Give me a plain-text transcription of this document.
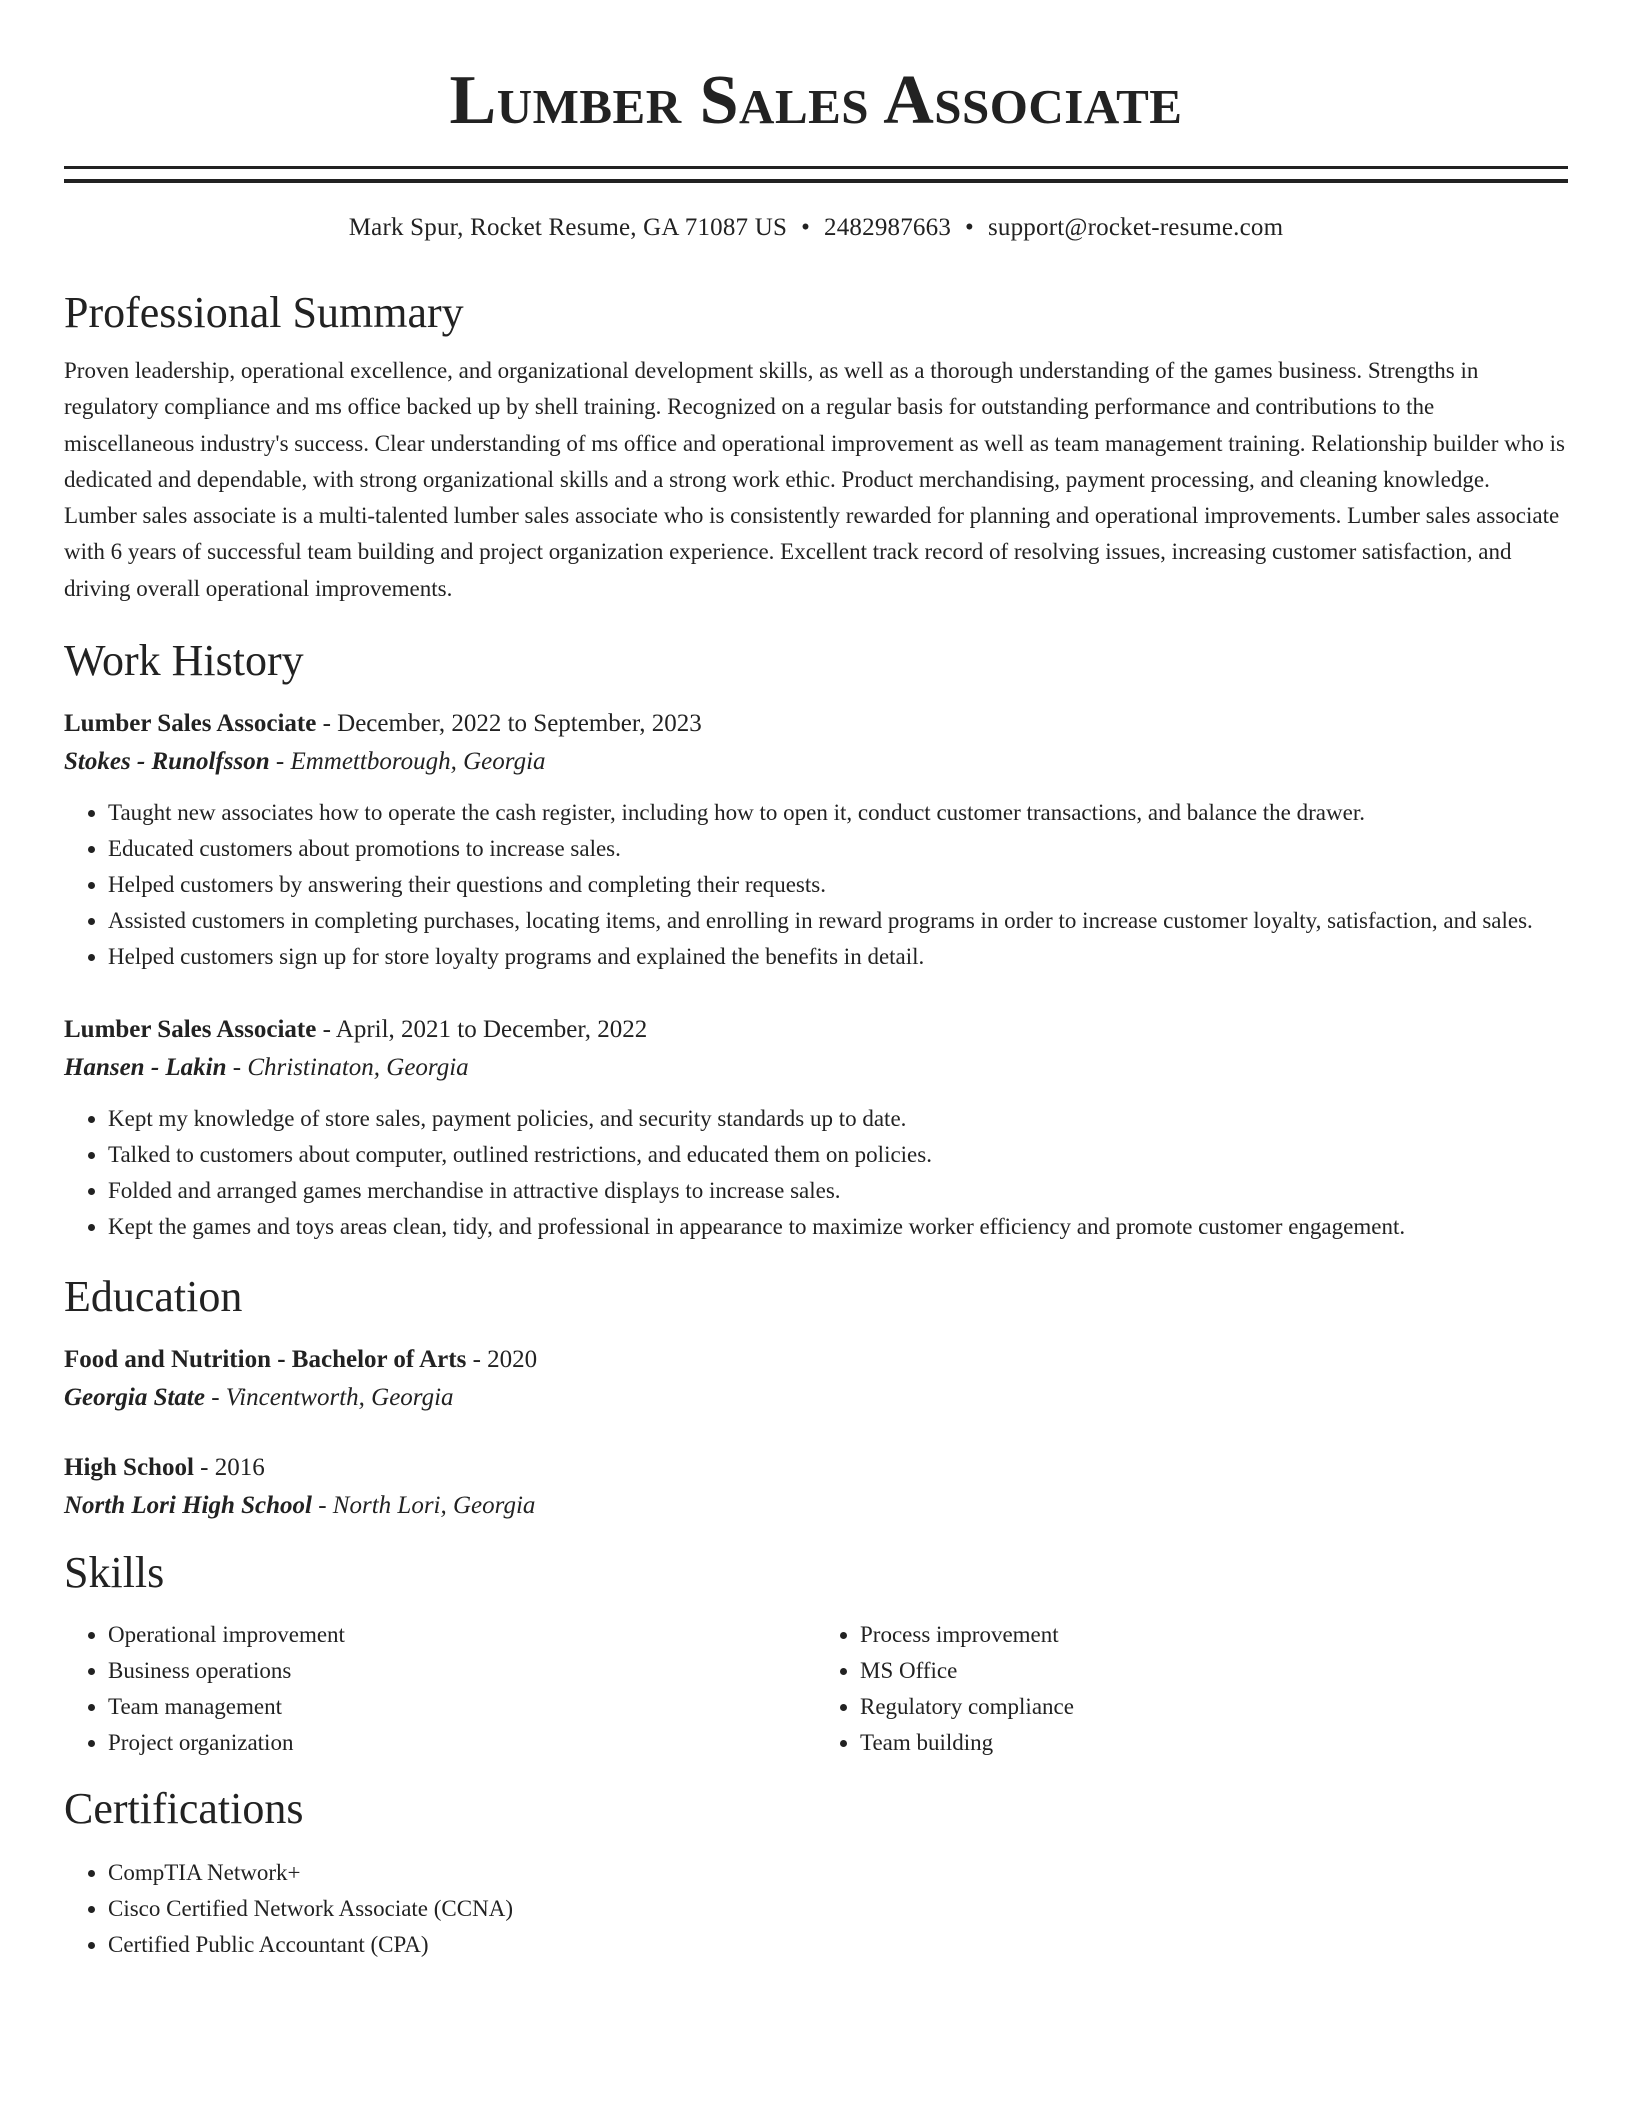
Lumber Sales Associate
Mark Spur, Rocket Resume, GA 71087 US • 2482987663 • support@rocket-resume.com
Professional Summary

Proven leadership, operational excellence, and organizational development skills, as well as a thorough understanding of the games business. Strengths in regulatory compliance and ms office backed up by shell training. Recognized on a regular basis for outstanding performance and contributions to the miscellaneous industry's success. Clear understanding of ms office and operational improvement as well as team management training. Relationship builder who is dedicated and dependable, with strong organizational skills and a strong work ethic. Product merchandising, payment processing, and cleaning knowledge. Lumber sales associate is a multi-talented lumber sales associate who is consistently rewarded for planning and operational improvements. Lumber sales associate with 6 years of successful team building and project organization experience. Excellent track record of resolving issues, increasing customer satisfaction, and driving overall operational improvements.

Work History
Lumber Sales Associate - December, 2022 to September, 2023
Stokes - Runolfsson - Emmettborough, Georgia
• Taught new associates how to operate the cash register, including how to open it, conduct customer transactions, and balance the drawer.
• Educated customers about promotions to increase sales.
• Helped customers by answering their questions and completing their requests.
• Assisted customers in completing purchases, locating items, and enrolling in reward programs in order to increase customer loyalty, satisfaction, and sales.
• Helped customers sign up for store loyalty programs and explained the benefits in detail.
Lumber Sales Associate - April, 2021 to December, 2022
Hansen - Lakin - Christinaton, Georgia
• Kept my knowledge of store sales, payment policies, and security standards up to date.
• Talked to customers about computer, outlined restrictions, and educated them on policies.
• Folded and arranged games merchandise in attractive displays to increase sales.
• Kept the games and toys areas clean, tidy, and professional in appearance to maximize worker efficiency and promote customer engagement.
Education
Food and Nutrition - Bachelor of Arts - 2020
Georgia State - Vincentworth, Georgia
High School - 2016
North Lori High School - North Lori, Georgia
Skills
• Operational improvement
• Business operations
• Team management
• Project organization
• Process improvement
• MS Office
• Regulatory compliance
• Team building
Certifications
• CompTIA Network+
• Cisco Certified Network Associate (CCNA)
• Certified Public Accountant (CPA)
